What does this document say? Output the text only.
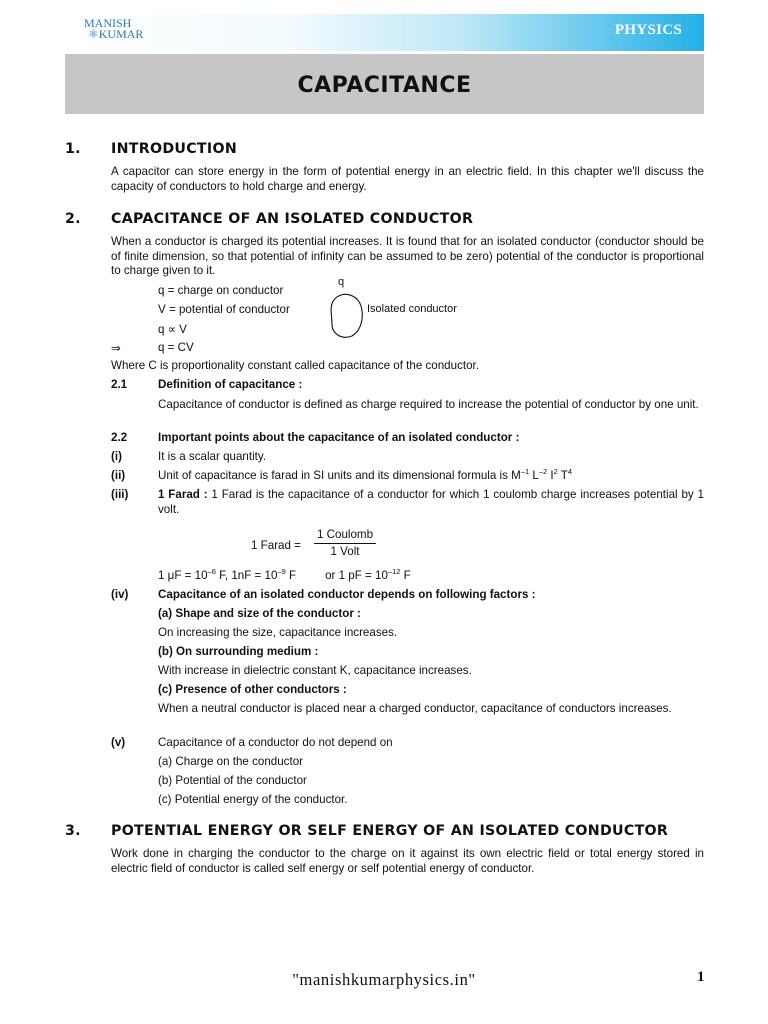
MANISH
⚛KUMAR	PHYSICS
CAPACITANCE
1. INTRODUCTION
A capacitor can store energy in the form of potential energy in an electric field. In this chapter we'll discuss the capacity of conductors to hold charge and energy.
2. CAPACITANCE OF AN ISOLATED CONDUCTOR
When a conductor is charged its potential increases. It is found that for an isolated conductor (conductor should be of finite dimension, so that potential of infinity can be assumed to be zero) potential of the conductor is proportional to charge given to it.
q = charge on conductor
V = potential of conductor
q ∝ V
⇒	q = CV
q
Isolated conductor
Where C is proportionality constant called capacitance of the conductor.
2.1	Definition of capacitance :
Capacitance of conductor is defined as charge required to increase the potential of conductor by one unit.
2.2	Important points about the capacitance of an isolated conductor :
(i)	It is a scalar quantity.
(ii)	Unit of capacitance is farad in SI units and its dimensional formula is $M^{-1}$ $L^{-2}$ $I^2$ $T^4$
(iii)	1 Farad : 1 Farad is the capacitance of a conductor for which 1 coulomb charge increases potential by 1 volt.
1 Farad =
1 Coulomb
1 Volt
1 $\mu F = 10^{-6}$ F, $1nF = 10^{-9}$ F	or 1 pF = $10^{-12}$ F
(iv)	Capacitance of an isolated conductor depends on following factors :
(a) Shape and size of the conductor :
On increasing the size, capacitance increases.
(b) On surrounding medium :
With increase in dielectric constant K, capacitance increases.
(c) Presence of other conductors :
When a neutral conductor is placed near a charged conductor, capacitance of conductors increases.
(v)	Capacitance of a conductor do not depend on
(a) Charge on the conductor
(b) Potential of the conductor
(c) Potential energy of the conductor.
3. POTENTIAL ENERGY OR SELF ENERGY OF AN ISOLATED CONDUCTOR
Work done in charging the conductor to the charge on it against its own electric field or total energy stored in electric field of conductor is called self energy or self potential energy of conductor.
"manishkumarphysics.in"	1
